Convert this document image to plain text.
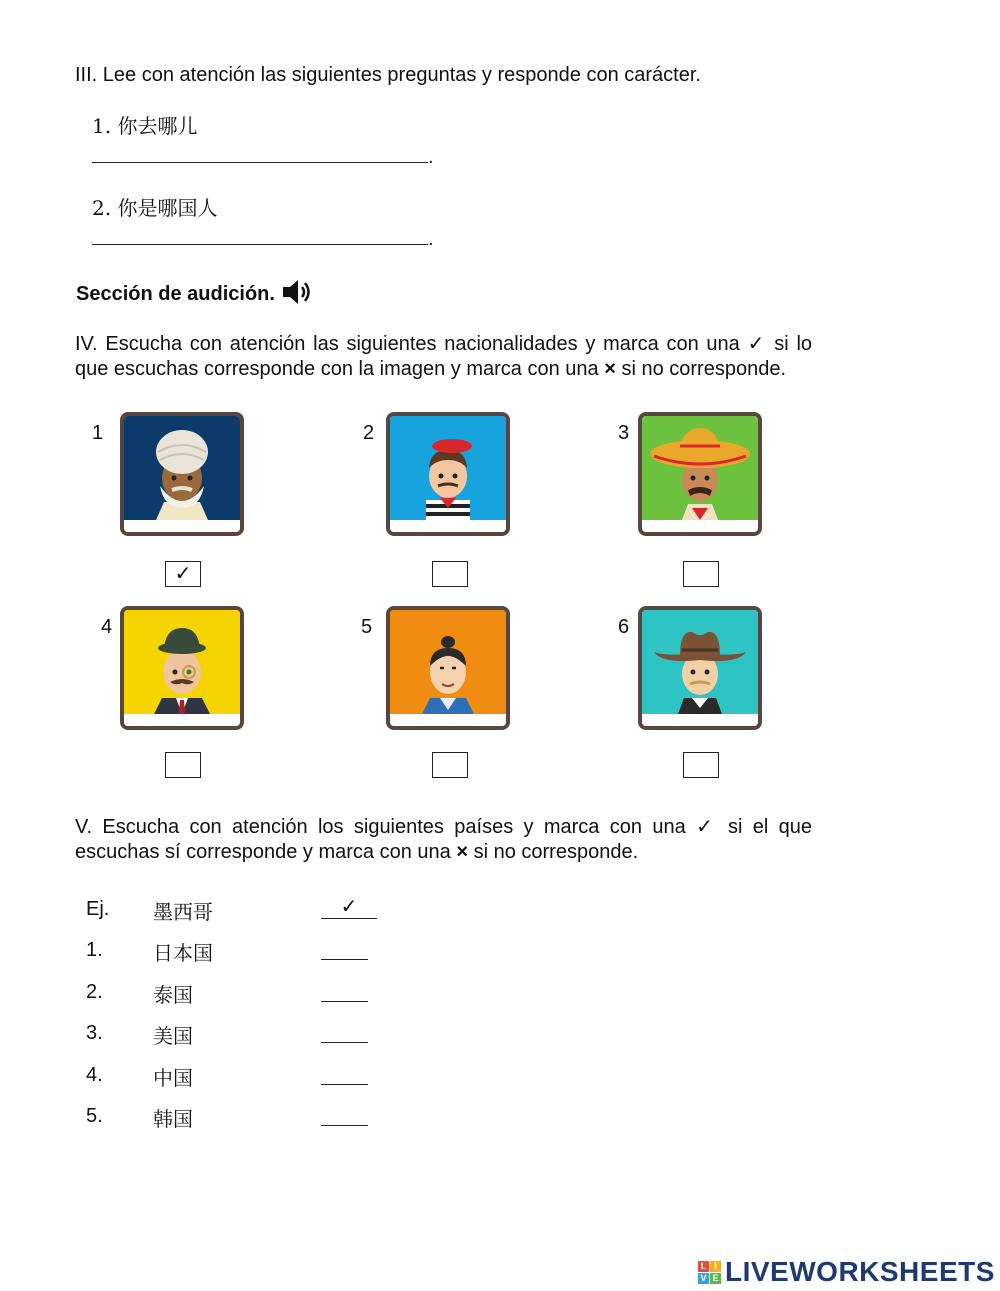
III. Lee con atención las siguientes preguntas y responde con carácter.
1. 你去哪儿
.
2. 你是哪国人
.
Sección de audición.
IV. Escucha con atención las siguientes nacionalidades y marca con una ✓ si lo
que escuchas corresponde con la imagen y marca con una × si no corresponde.
1	2	3
4	5	6
✓
V. Escucha con atención los siguientes países y marca con una ✓ si el que
escuchas sí corresponde y marca con una × si no corresponde.
Ej. 墨西哥	✓
1.	日本国
2.	泰国
3.	美国
4.	中国
5.	韩国
L I
V E LIVEWORKSHEETS
